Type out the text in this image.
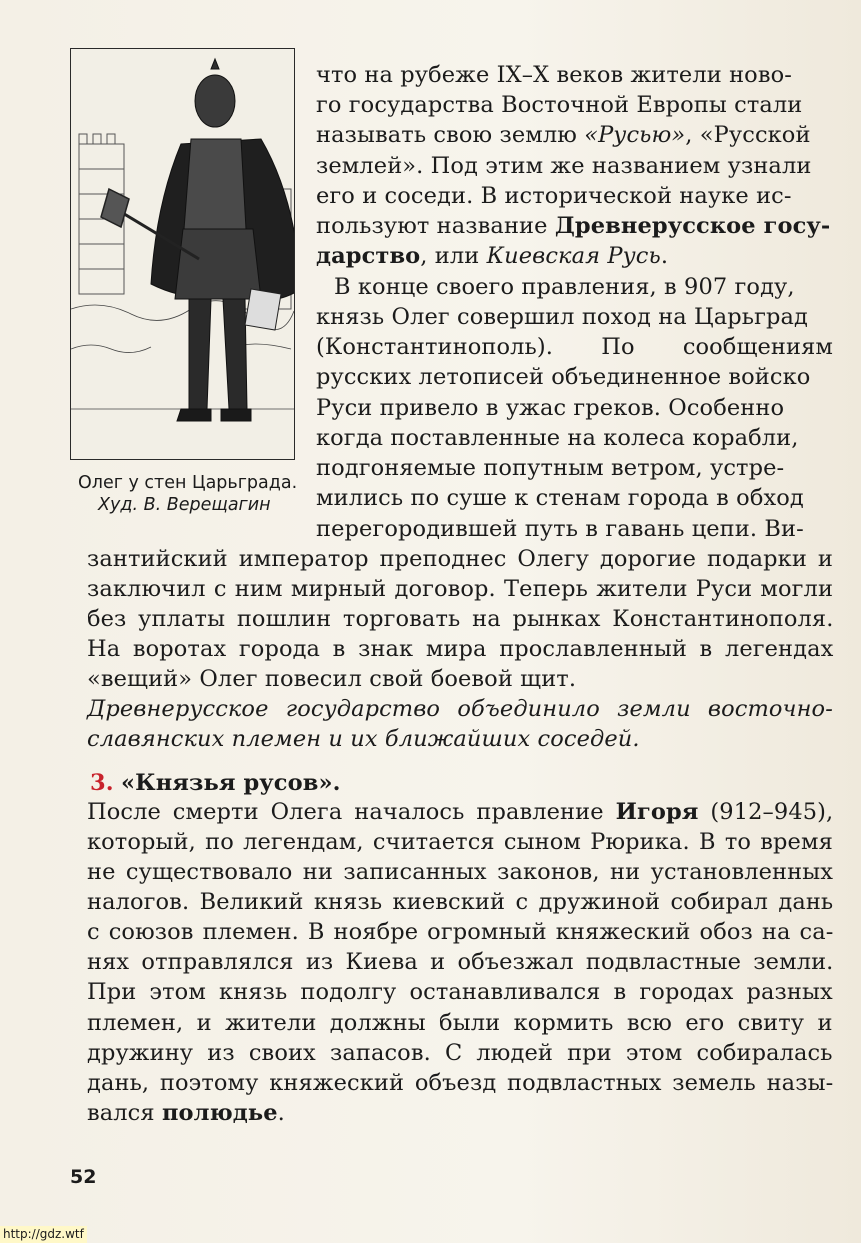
Олег у стен Царьграда.
Худ. В. Верещагин
что на рубеже IX–X веков жители ново-
го государства Восточной Европы стали
называть свою землю «Русью», «Русской
землей». Под этим же названием узнали
его и соседи. В исторической науке ис-
пользуют название Древнерусское госу-
дарство, или Киевская Русь.
В конце своего правления, в 907 году,
князь Олег совершил поход на Царьград
(Константинополь). По сообщениям
русских летописей объединенное войско
Руси привело в ужас греков. Особенно
когда поставленные на колеса корабли,
подгоняемые попутным ветром, устре-
мились по суше к стенам города в обход
перегородившей путь в гавань цепи. Ви-
зантийский император преподнес Олегу дорогие подарки и
заключил с ним мирный договор. Теперь жители Руси могли
без уплаты пошлин торговать на рынках Константинополя.
На воротах города в знак мира прославленный в легендах
«вещий» Олег повесил свой боевой щит.
Древнерусское государство объединило земли восточно-
славянских племен и их ближайших соседей.
3. «Князья русов».
После смерти Олега началось правление Игоря (912–945),
который, по легендам, считается сыном Рюрика. В то время
не существовало ни записанных законов, ни установленных
налогов. Великий князь киевский с дружиной собирал дань
с союзов племен. В ноябре огромный княжеский обоз на са-
нях отправлялся из Киева и объезжал подвластные земли.
При этом князь подолгу останавливался в городах разных
племен, и жители должны были кормить всю его свиту и
дружину из своих запасов. С людей при этом собиралась
дань, поэтому княжеский объезд подвластных земель назы-
вался полюдье.
52
http://gdz.wtf
